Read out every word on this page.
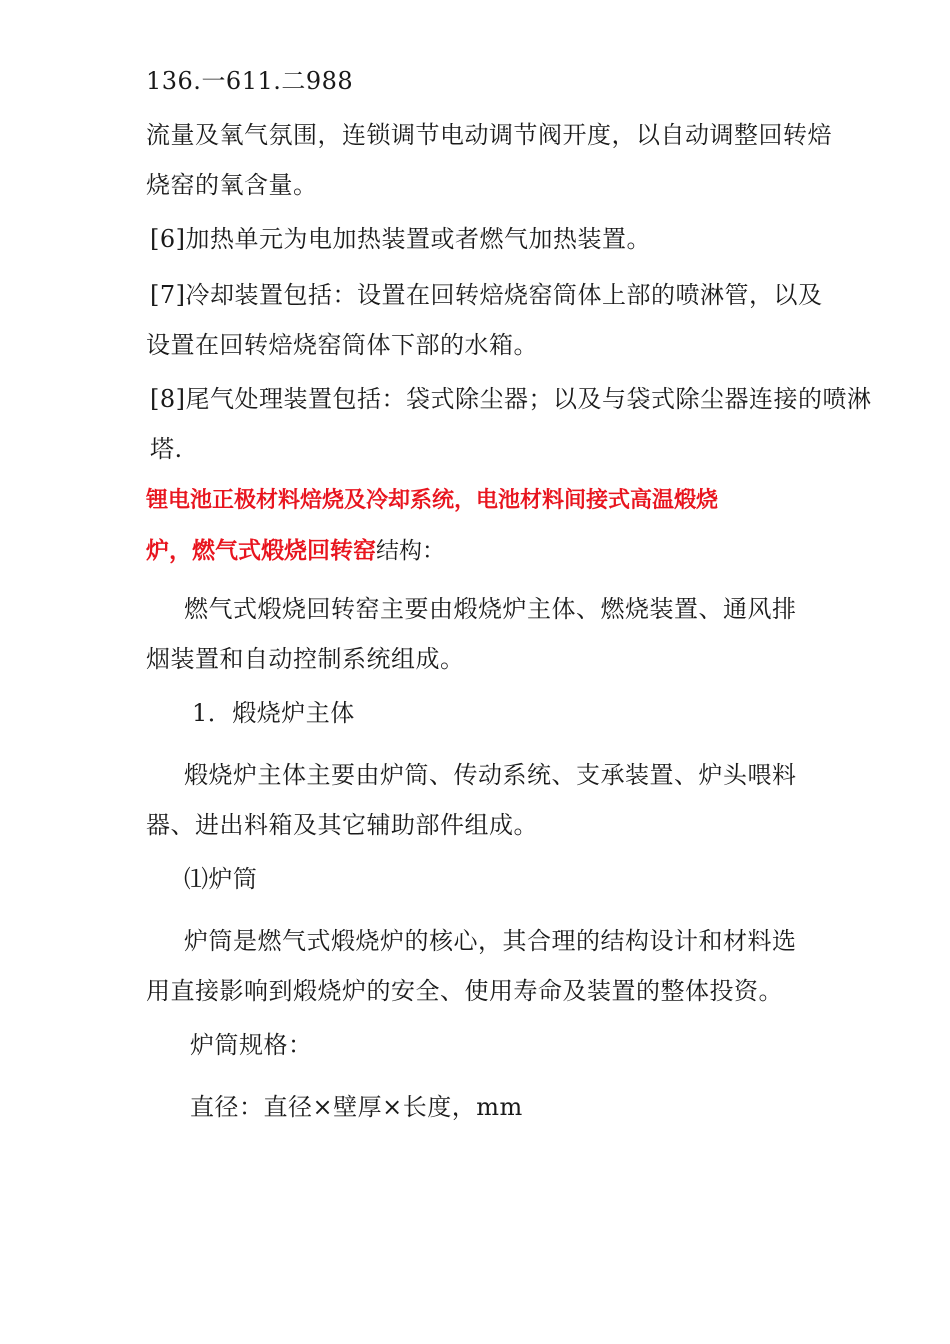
136.一611.二988
流量及氧气氛围，连锁调节电动调节阀开度，以自动调整回转焙
烧窑的氧含量。
[6]加热单元为电加热装置或者燃气加热装置。
[7]冷却装置包括：设置在回转焙烧窑筒体上部的喷淋管，以及
设置在回转焙烧窑筒体下部的水箱。
[8]尾气处理装置包括：袋式除尘器；以及与袋式除尘器连接的喷淋
塔.
锂电池正极材料焙烧及冷却系统，电池材料间接式高温煅烧
炉，燃气式煅烧回转窑结构：
燃气式煅烧回转窑主要由煅烧炉主体、燃烧装置、通风排
烟装置和自动控制系统组成。
1．煅烧炉主体
煅烧炉主体主要由炉筒、传动系统、支承装置、炉头喂料
器、进出料箱及其它辅助部件组成。
⑴炉筒
炉筒是燃气式煅烧炉的核心，其合理的结构设计和材料选
用直接影响到煅烧炉的安全、使用寿命及装置的整体投资。
炉筒规格：
直径：直径×壁厚×长度，mm
